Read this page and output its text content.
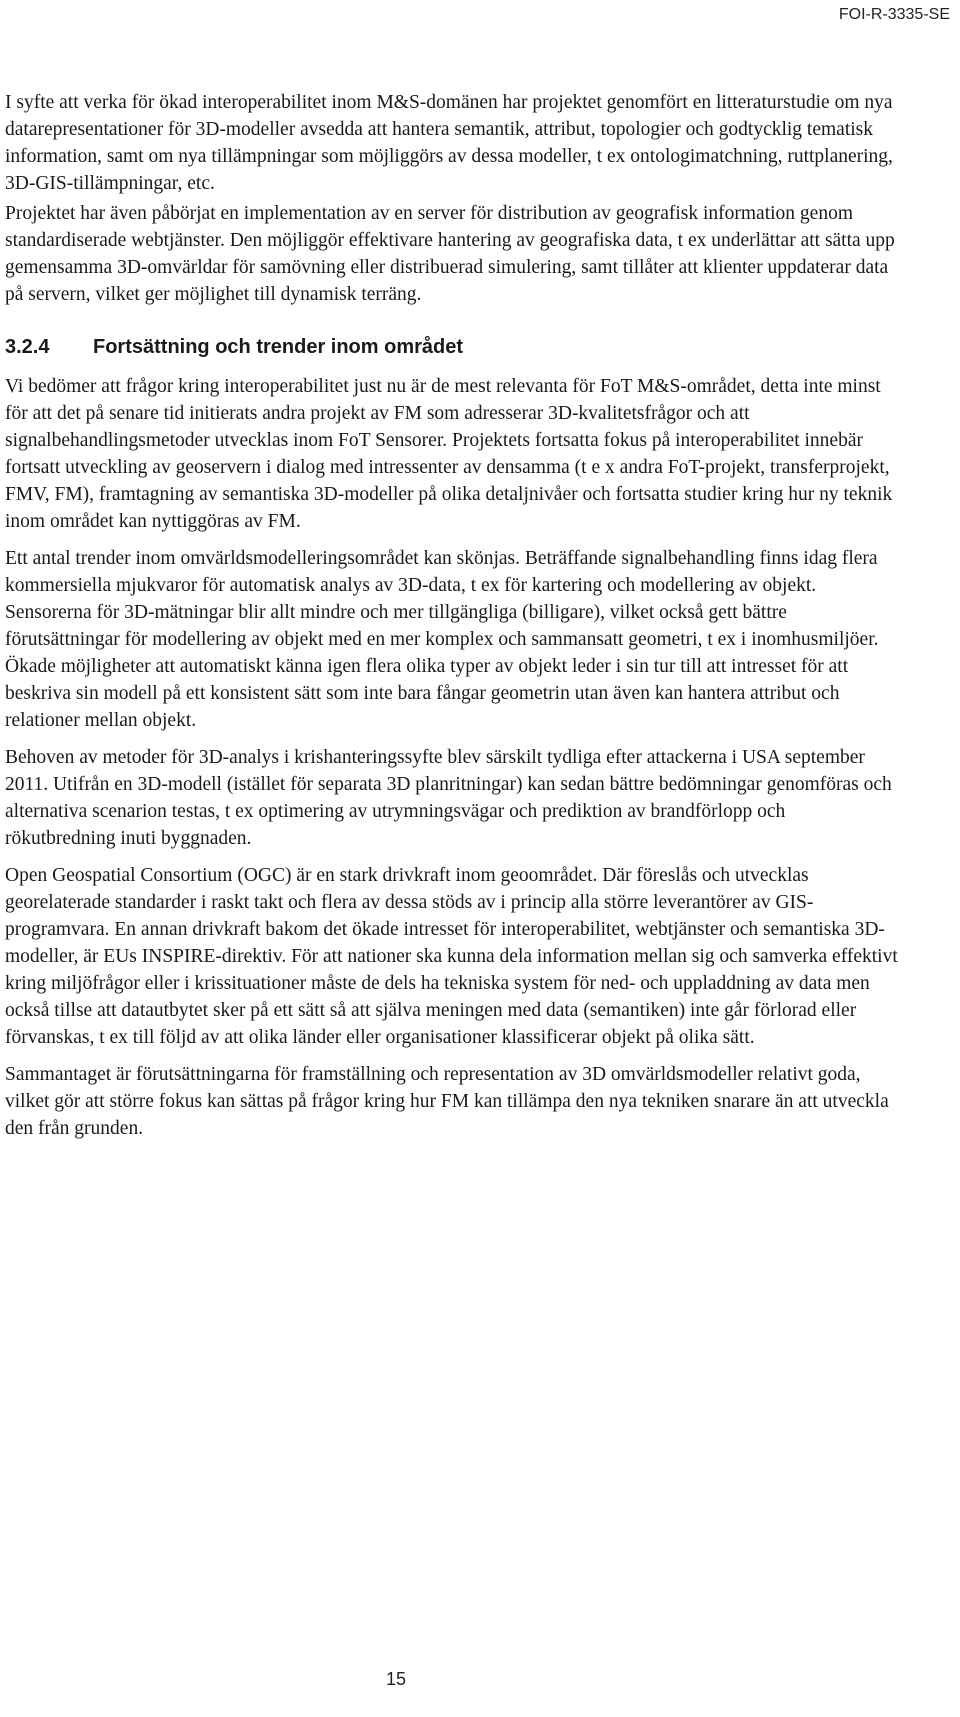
FOI-R-3335-SE

I syfte att verka för ökad interoperabilitet inom M&S-domänen har projektet genomfört en litteraturstudie om nya datarepresentationer för 3D-modeller avsedda att hantera semantik, attribut, topologier och godtycklig tematisk information, samt om nya tillämpningar som möjliggörs av dessa modeller, t ex ontologimatchning, ruttplanering, 3D-GIS-tillämpningar, etc.

Projektet har även påbörjat en implementation av en server för distribution av geografisk information genom standardiserade webtjänster. Den möjliggör effektivare hantering av geografiska data, t ex underlättar att sätta upp gemensamma 3D-omvärldar för samövning eller distribuerad simulering, samt tillåter att klienter uppdaterar data på servern, vilket ger möjlighet till dynamisk terräng.

3.2.4	Fortsättning och trender inom området

Vi bedömer att frågor kring interoperabilitet just nu är de mest relevanta för FoT M&S-området, detta inte minst för att det på senare tid initierats andra projekt av FM som adresserar 3D-kvalitetsfrågor och att signalbehandlingsmetoder utvecklas inom FoT Sensorer. Projektets fortsatta fokus på interoperabilitet innebär fortsatt utveckling av geoservern i dialog med intressenter av densamma (t e x andra FoT-projekt, transferprojekt, FMV, FM), framtagning av semantiska 3D-modeller på olika detaljnivåer och fortsatta studier kring hur ny teknik inom området kan nyttiggöras av FM.

Ett antal trender inom omvärldsmodelleringsområdet kan skönjas. Beträffande signalbehandling finns idag flera kommersiella mjukvaror för automatisk analys av 3D-data, t ex för kartering och modellering av objekt. Sensorerna för 3D-mätningar blir allt mindre och mer tillgängliga (billigare), vilket också gett bättre förutsättningar för modellering av objekt med en mer komplex och sammansatt geometri, t ex i inomhusmiljöer. Ökade möjligheter att automatiskt känna igen flera olika typer av objekt leder i sin tur till att intresset för att beskriva sin modell på ett konsistent sätt som inte bara fångar geometrin utan även kan hantera attribut och relationer mellan objekt.

Behoven av metoder för 3D-analys i krishanteringssyfte blev särskilt tydliga efter attackerna i USA september 2011. Utifrån en 3D-modell (istället för separata 3D planritningar) kan sedan bättre bedömningar genomföras och alternativa scenarion testas, t ex optimering av utrymningsvägar och prediktion av brandförlopp och rökutbredning inuti byggnaden.

Open Geospatial Consortium (OGC) är en stark drivkraft inom geoområdet. Där föreslås och utvecklas georelaterade standarder i raskt takt och flera av dessa stöds av i princip alla större leverantörer av GIS-programvara. En annan drivkraft bakom det ökade intresset för interoperabilitet, webtjänster och semantiska 3D-modeller, är EUs INSPIRE-direktiv. För att nationer ska kunna dela information mellan sig och samverka effektivt kring miljöfrågor eller i krissituationer måste de dels ha tekniska system för ned- och uppladdning av data men också tillse att datautbytet sker på ett sätt så att själva meningen med data (semantiken) inte går förlorad eller förvanskas, t ex till följd av att olika länder eller organisationer klassificerar objekt på olika sätt.

Sammantaget är förutsättningarna för framställning och representation av 3D omvärldsmodeller relativt goda, vilket gör att större fokus kan sättas på frågor kring hur FM kan tillämpa den nya tekniken snarare än att utveckla den från grunden.

15
